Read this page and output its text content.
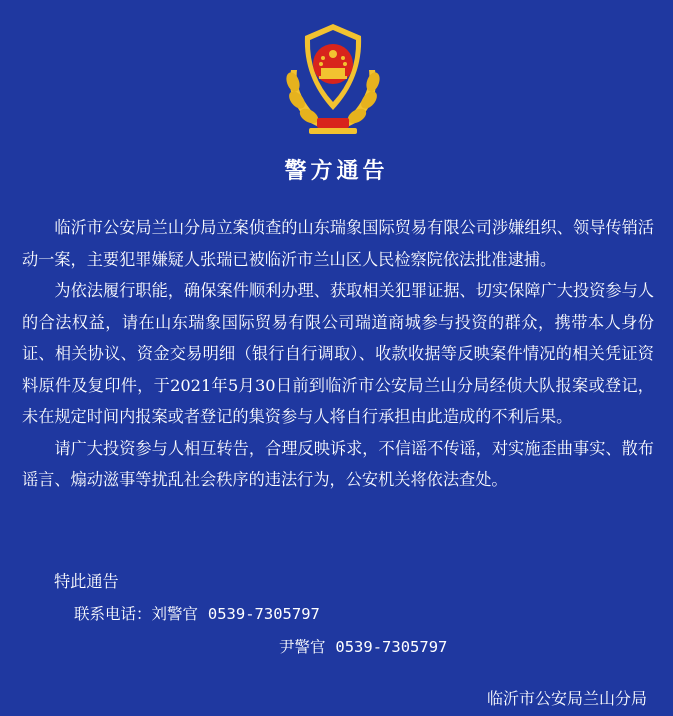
警方通告

临沂市公安局兰山分局立案侦查的山东瑞象国际贸易有限公司涉嫌组织、领导传销活动一案，主要犯罪嫌疑人张瑞已被临沂市兰山区人民检察院依法批准逮捕。

为依法履行职能，确保案件顺利办理、获取相关犯罪证据、切实保障广大投资参与人的合法权益，请在山东瑞象国际贸易有限公司瑞道商城参与投资的群众，携带本人身份证、相关协议、资金交易明细（银行自行调取）、收款收据等反映案件情况的相关凭证资料原件及复印件，于2021年5月30日前到临沂市公安局兰山分局经侦大队报案或登记，未在规定时间内报案或者登记的集资参与人将自行承担由此造成的不利后果。

请广大投资参与人相互转告，合理反映诉求，不信谣不传谣，对实施歪曲事实、散布谣言、煽动滋事等扰乱社会秩序的违法行为，公安机关将依法查处。

特此通告
联系电话：刘警官 0539-7305797
尹警官 0539-7305797
临沂市公安局兰山分局
